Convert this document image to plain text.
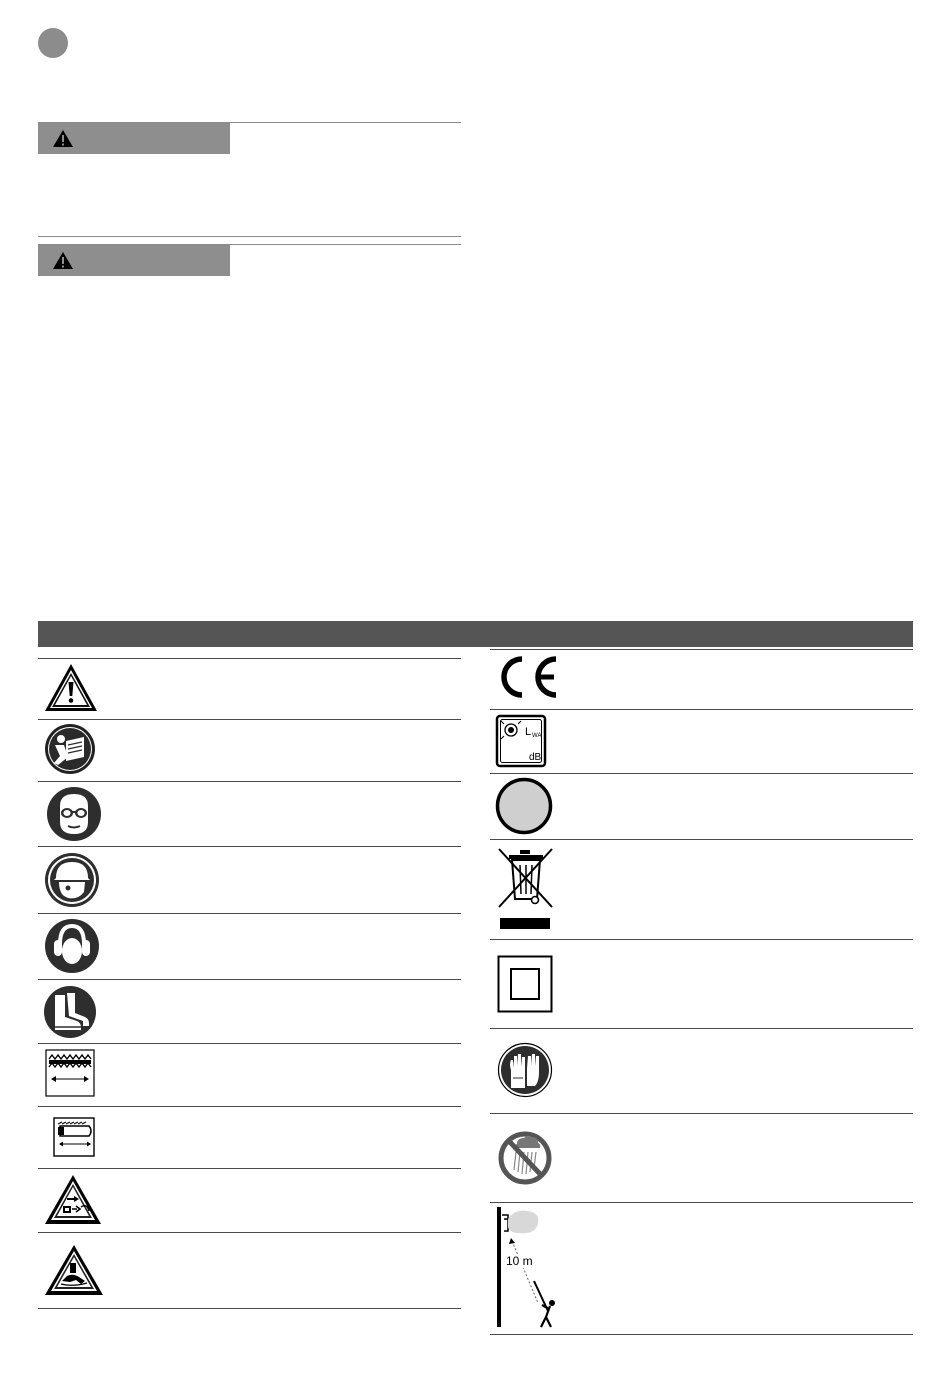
L WA
dB
10 m
